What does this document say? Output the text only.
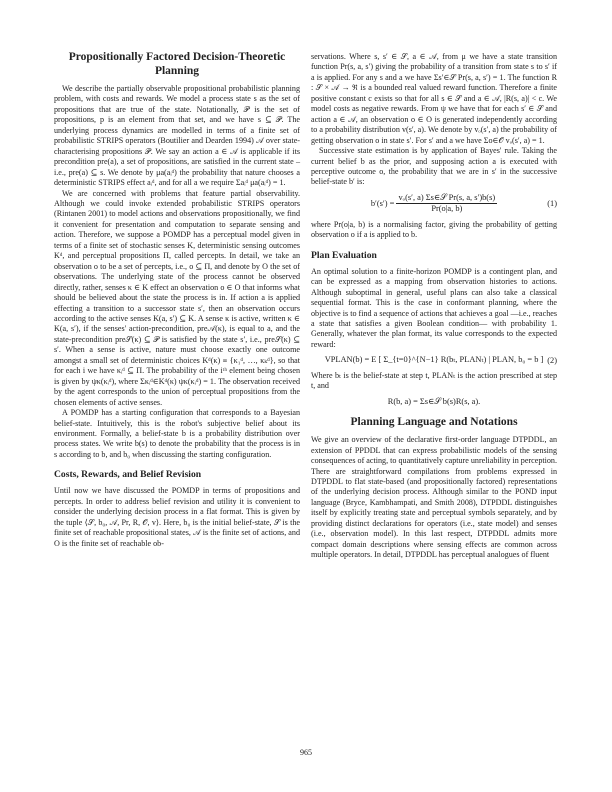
Propositionally Factored Decision-Theoretic Planning

We describe the partially observable propositional probabilistic planning problem, with costs and rewards. We model a process state s as the set of propositions that are true of the state. Notationally, 𝒫 is the set of propositions, p is an element from that set, and we have s ⊆ 𝒫. The underlying process dynamics are modelled in terms of a finite set of probabilistic STRIPS operators (Boutilier and Dearden 1994) 𝒜 over state-characterising propositions 𝒫. We say an action a ∈ 𝒜 is applicable if its precondition pre(a), a set of propositions, are satisfied in the current state – i.e., pre(a) ⊆ s. We denote by μa(aᵢᵈ) the probability that nature chooses a deterministic STRIPS effect aᵢᵈ, and for all a we require Σaᵢᵈ μa(aᵢᵈ) = 1.

We are concerned with problems that feature partial observability. Although we could invoke extended probabilistic STRIPS operators (Rintanen 2001) to model actions and observations propositionally, we find it convenient for presentation and computation to separate sensing and action. Therefore, we suppose a POMDP has a perceptual model given in terms of a finite set of stochastic senses K, deterministic sensing outcomes Kᵈ, and perceptual propositions Π, called percepts. In detail, we take an observation o to be a set of percepts, i.e., o ⊆ Π, and denote by O the set of observations. The underlying state of the process cannot be observed directly, rather, senses κ ∈ K effect an observation o ∈ O that informs what should be believed about the state the process is in. If action a is applied effecting a transition to a successor state s′, then an observation occurs according to the active senses K(a, s′) ⊆ K. A sense κ is active, written κ ∈ K(a, s′), if the senses' action-precondition, pre𝒜(κ), is equal to a, and the state-precondition pre𝒮(κ) ⊆ 𝒫 is satisfied by the state s′, i.e., pre𝒮(κ) ⊆ s′. When a sense is active, nature must choose exactly one outcome amongst a small set of deterministic choices Kᵈ(κ) ≡ {κ₁ᵈ, …, κₖᵈ}, so that for each i we have κᵢᵈ ⊆ Π. The probability of the iᵗʰ element being chosen is given by ψκ(κᵢᵈ), where Σκᵢᵈ∈Kᵈ(κ) ψκ(κᵢᵈ) = 1. The observation received by the agent corresponds to the union of perceptual propositions from the chosen elements of active senses.

A POMDP has a starting configuration that corresponds to a Bayesian belief-state. Intuitively, this is the robot's subjective belief about its environment. Formally, a belief-state b is a probability distribution over process states. We write b(s) to denote the probability that the process is in s according to b, and b₀ when discussing the starting configuration.

Costs, Rewards, and Belief Revision

Until now we have discussed the POMDP in terms of propositions and percepts. In order to address belief revision and utility it is convenient to consider the underlying decision process in a flat format. This is given by the tuple ⟨𝒮, b₀, 𝒜, Pr, R, 𝒪, v⟩. Here, b₀ is the initial belief-state, 𝒮 is the finite set of reachable propositional states, 𝒜 is the finite set of actions, and O is the finite set of reachable ob-

servations. Where s, s′ ∈ 𝒮, a ∈ 𝒜, from μ we have a state transition function Pr(s, a, s′) giving the probability of a transition from state s to s′ if a is applied. For any s and a we have Σs′∈𝒮 Pr(s, a, s′) = 1. The function R : 𝒮 × 𝒜 → ℜ is a bounded real valued reward function. Therefore a finite positive constant c exists so that for all s ∈ 𝒮 and a ∈ 𝒜, |R(s, a)| < c. We model costs as negative rewards. From ψ we have that for each s′ ∈ 𝒮 and action a ∈ 𝒜, an observation o ∈ O is generated independently according to a probability distribution v(s′, a). We denote by vₒ(s′, a) the probability of getting observation o in state s′. For s′ and a we have Σo∈𝒪 vₒ(s′, a) = 1.

Successive state estimation is by application of Bayes' rule. Taking the current belief b as the prior, and supposing action a is executed with perceptive outcome o, the probability that we are in s′ in the successive belief-state b′ is:

$b'(s') = \frac{\text{vₒ(s′, a) Σs∈𝒮 Pr(s, a, s′)b(s)}}{Pr(o|a, b)}$	(1)

where Pr(o|a, b) is a normalising factor, giving the probability of getting observation o if a is applied to b.

Plan Evaluation

An optimal solution to a finite-horizon POMDP is a contingent plan, and can be expressed as a mapping from observation histories to actions. Although suboptimal in general, useful plans can also take a classical sequential format. This is the case in conformant planning, where the objective is to find a sequence of actions that achieves a goal —i.e., reaches a state that satisfies a given Boolean condition— with probability 1. Generally, whatever the plan format, its value corresponds to the expected reward:

VPLAN(b) = E [ Σ_{t=0}^{N−1} R(bₜ, PLANₜ) | PLAN, b₀ = b ] (2)

Where bₜ is the belief-state at step t, PLANₜ is the action prescribed at step t, and

R(b, a) = Σs∈𝒮 b(s)R(s, a).
Planning Language and Notations

We give an overview of the declarative first-order language DTPDDL, an extension of PPDDL that can express probabilistic models of the sensing consequences of acting, to quantitatively capture unreliability in perception. There are straightforward compilations from problems expressed in DTPDDL to flat state-based (and propositionally factored) representations of the underlying decision process. Although similar to the POND input language (Bryce, Kambhampati, and Smith 2008), DTPDDL distinguishes itself by explicitly treating state and perceptual symbols separately, and by providing distinct declarations for operators (i.e., state model) and senses (i.e., observation model). In this last respect, DTPDDL admits more compact domain descriptions where sensing effects are common across multiple operators. In detail, DTPDDL has perceptual analogues of fluent

965
